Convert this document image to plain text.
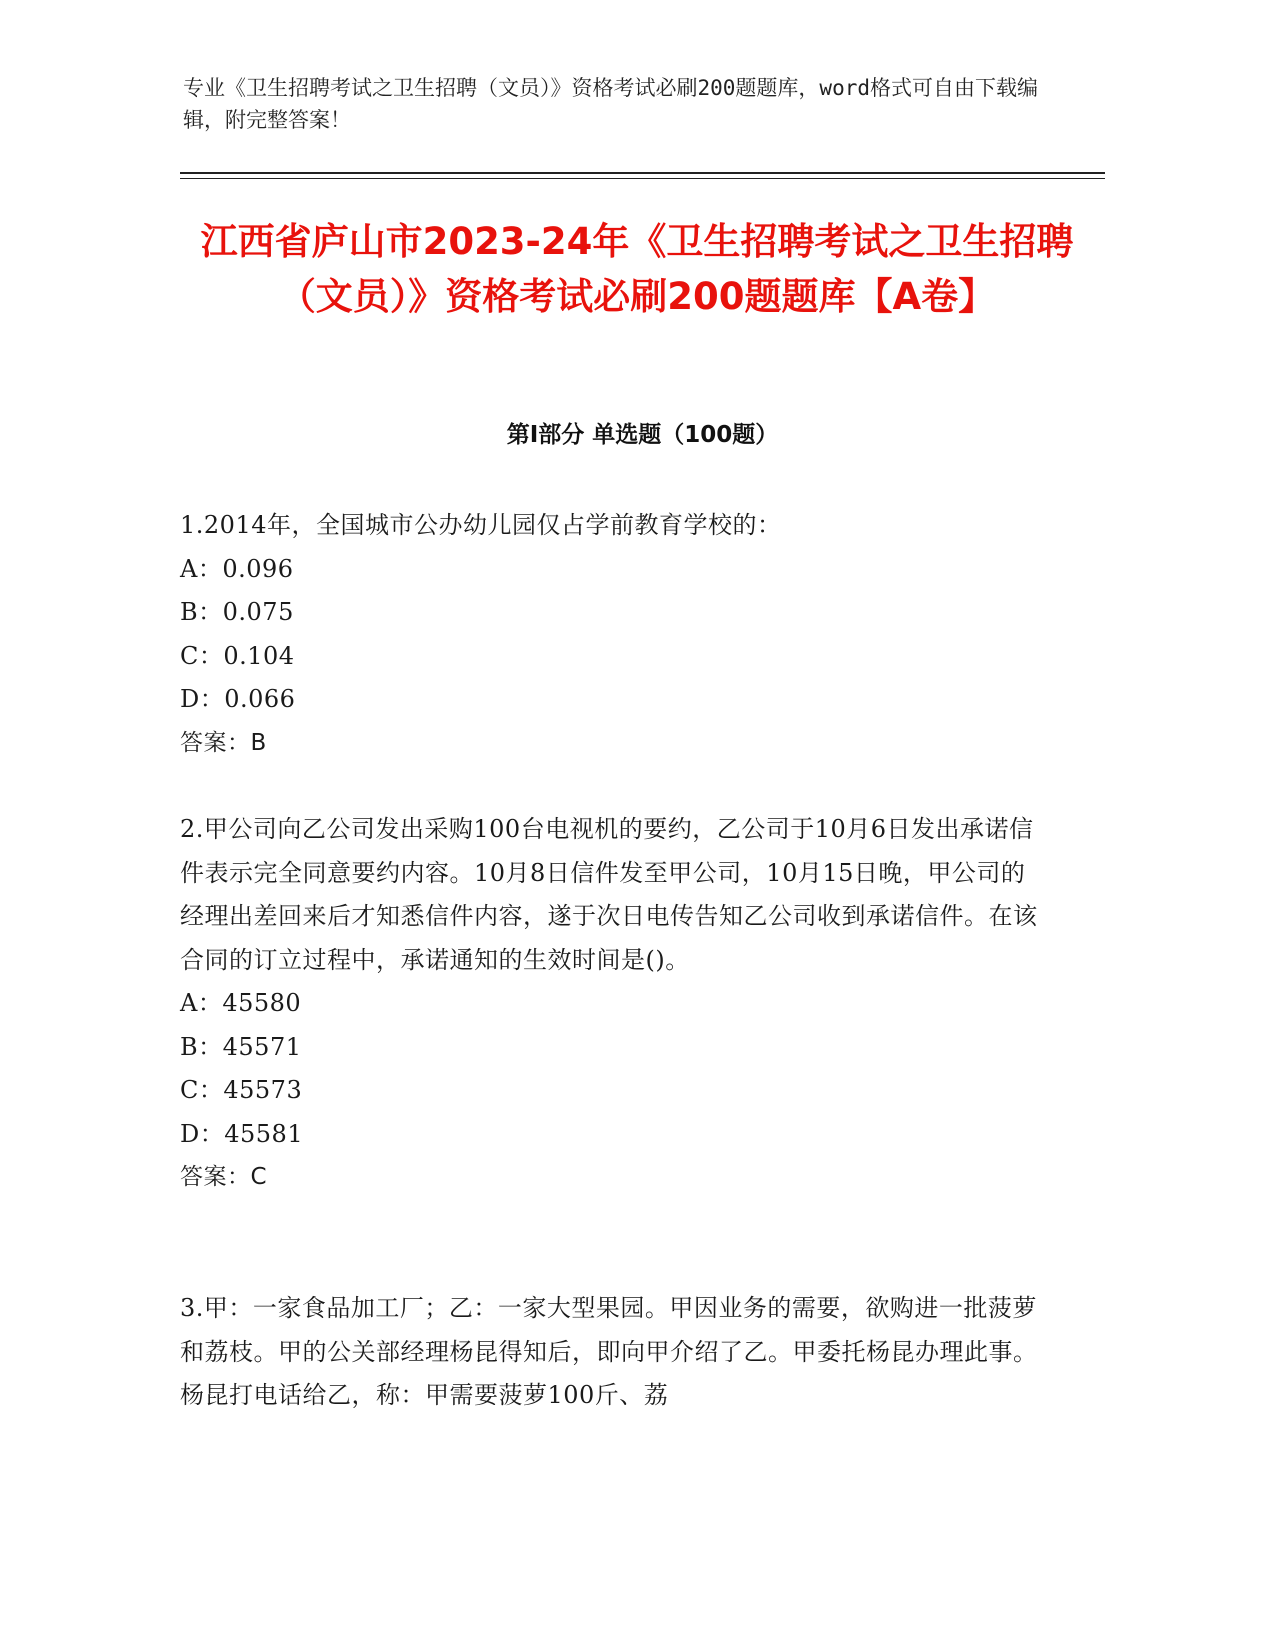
专业《卫生招聘考试之卫生招聘（文员）》资格考试必刷200题题库，word格式可自由下载编辑，附完整答案！
江西省庐山市2023-24年《卫生招聘考试之卫生招聘（文员）》资格考试必刷200题题库【A卷】
第Ⅰ部分 单选题（100题）

1.2014年，全国城市公办幼儿园仅占学前教育学校的：

A：0.096

B：0.075

C：0.104

D：0.066

答案：B

2.甲公司向乙公司发出采购100台电视机的要约，乙公司于10月6日发出承诺信件表示完全同意要约内容。10月8日信件发至甲公司，10月15日晚，甲公司的经理出差回来后才知悉信件内容，遂于次日电传告知乙公司收到承诺信件。在该合同的订立过程中，承诺通知的生效时间是()。

A：45580

B：45571

C：45573

D：45581

答案：C

3.甲：一家食品加工厂；乙：一家大型果园。甲因业务的需要，欲购进一批菠萝和荔枝。甲的公关部经理杨昆得知后，即向甲介绍了乙。甲委托杨昆办理此事。杨昆打电话给乙，称：甲需要菠萝100斤、荔
